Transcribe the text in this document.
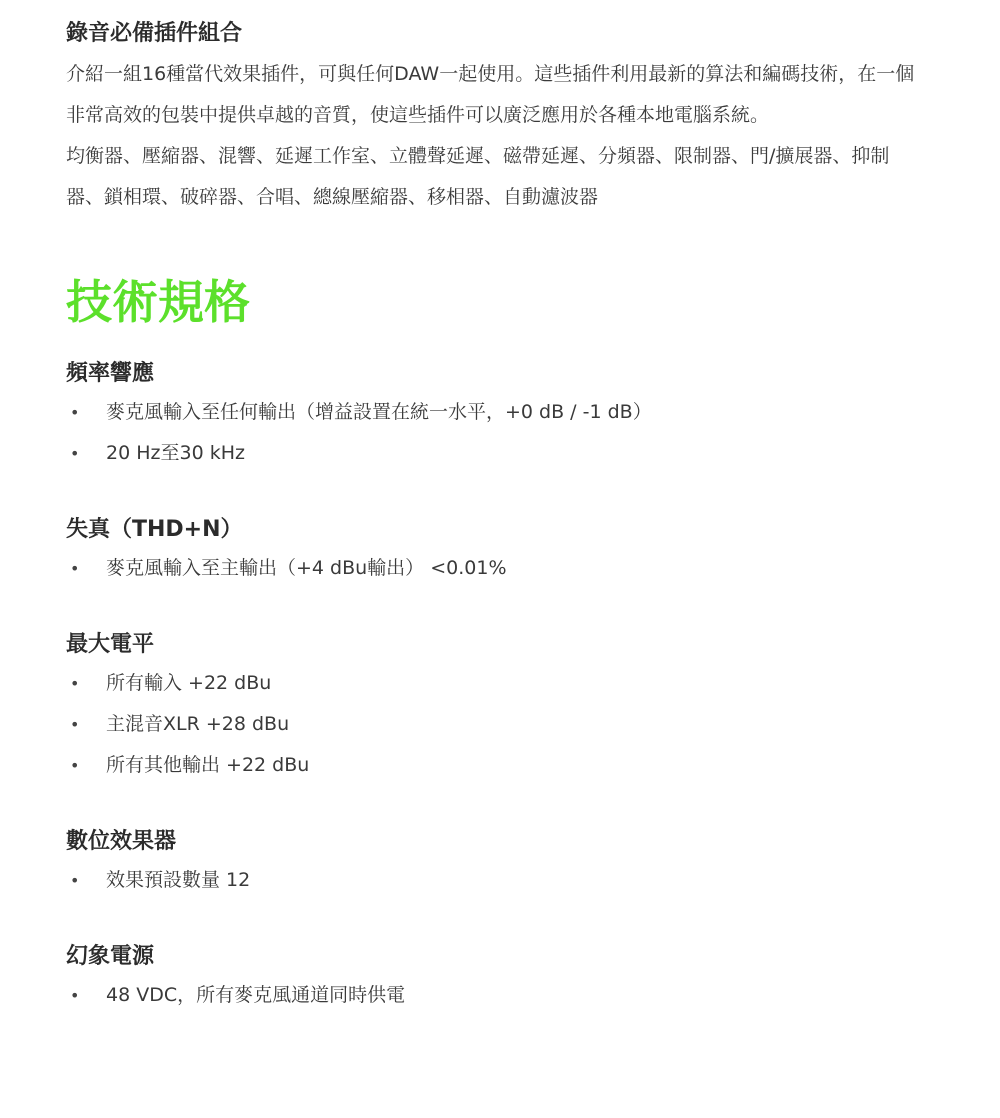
錄音必備插件組合

介紹一組16種當代效果插件，可與任何DAW一起使用。這些插件利用最新的算法和編碼技術，在一個非常高效的包裝中提供卓越的音質，使這些插件可以廣泛應用於各種本地電腦系統。

均衡器、壓縮器、混響、延遲工作室、立體聲延遲、磁帶延遲、分頻器、限制器、門/擴展器、抑制器、鎖相環、破碎器、合唱、總線壓縮器、移相器、自動濾波器

技術規格
頻率響應
• 麥克風輸入至任何輸出（增益設置在統一水平，+0 dB / -1 dB）
• 20 Hz至30 kHz
失真（THD+N）
• 麥克風輸入至主輸出（+4 dBu輸出） <0.01%
最大電平
• 所有輸入 +22 dBu
• 主混音XLR +28 dBu
• 所有其他輸出 +22 dBu
數位效果器
• 效果預設數量 12
幻象電源
• 48 VDC，所有麥克風通道同時供電
